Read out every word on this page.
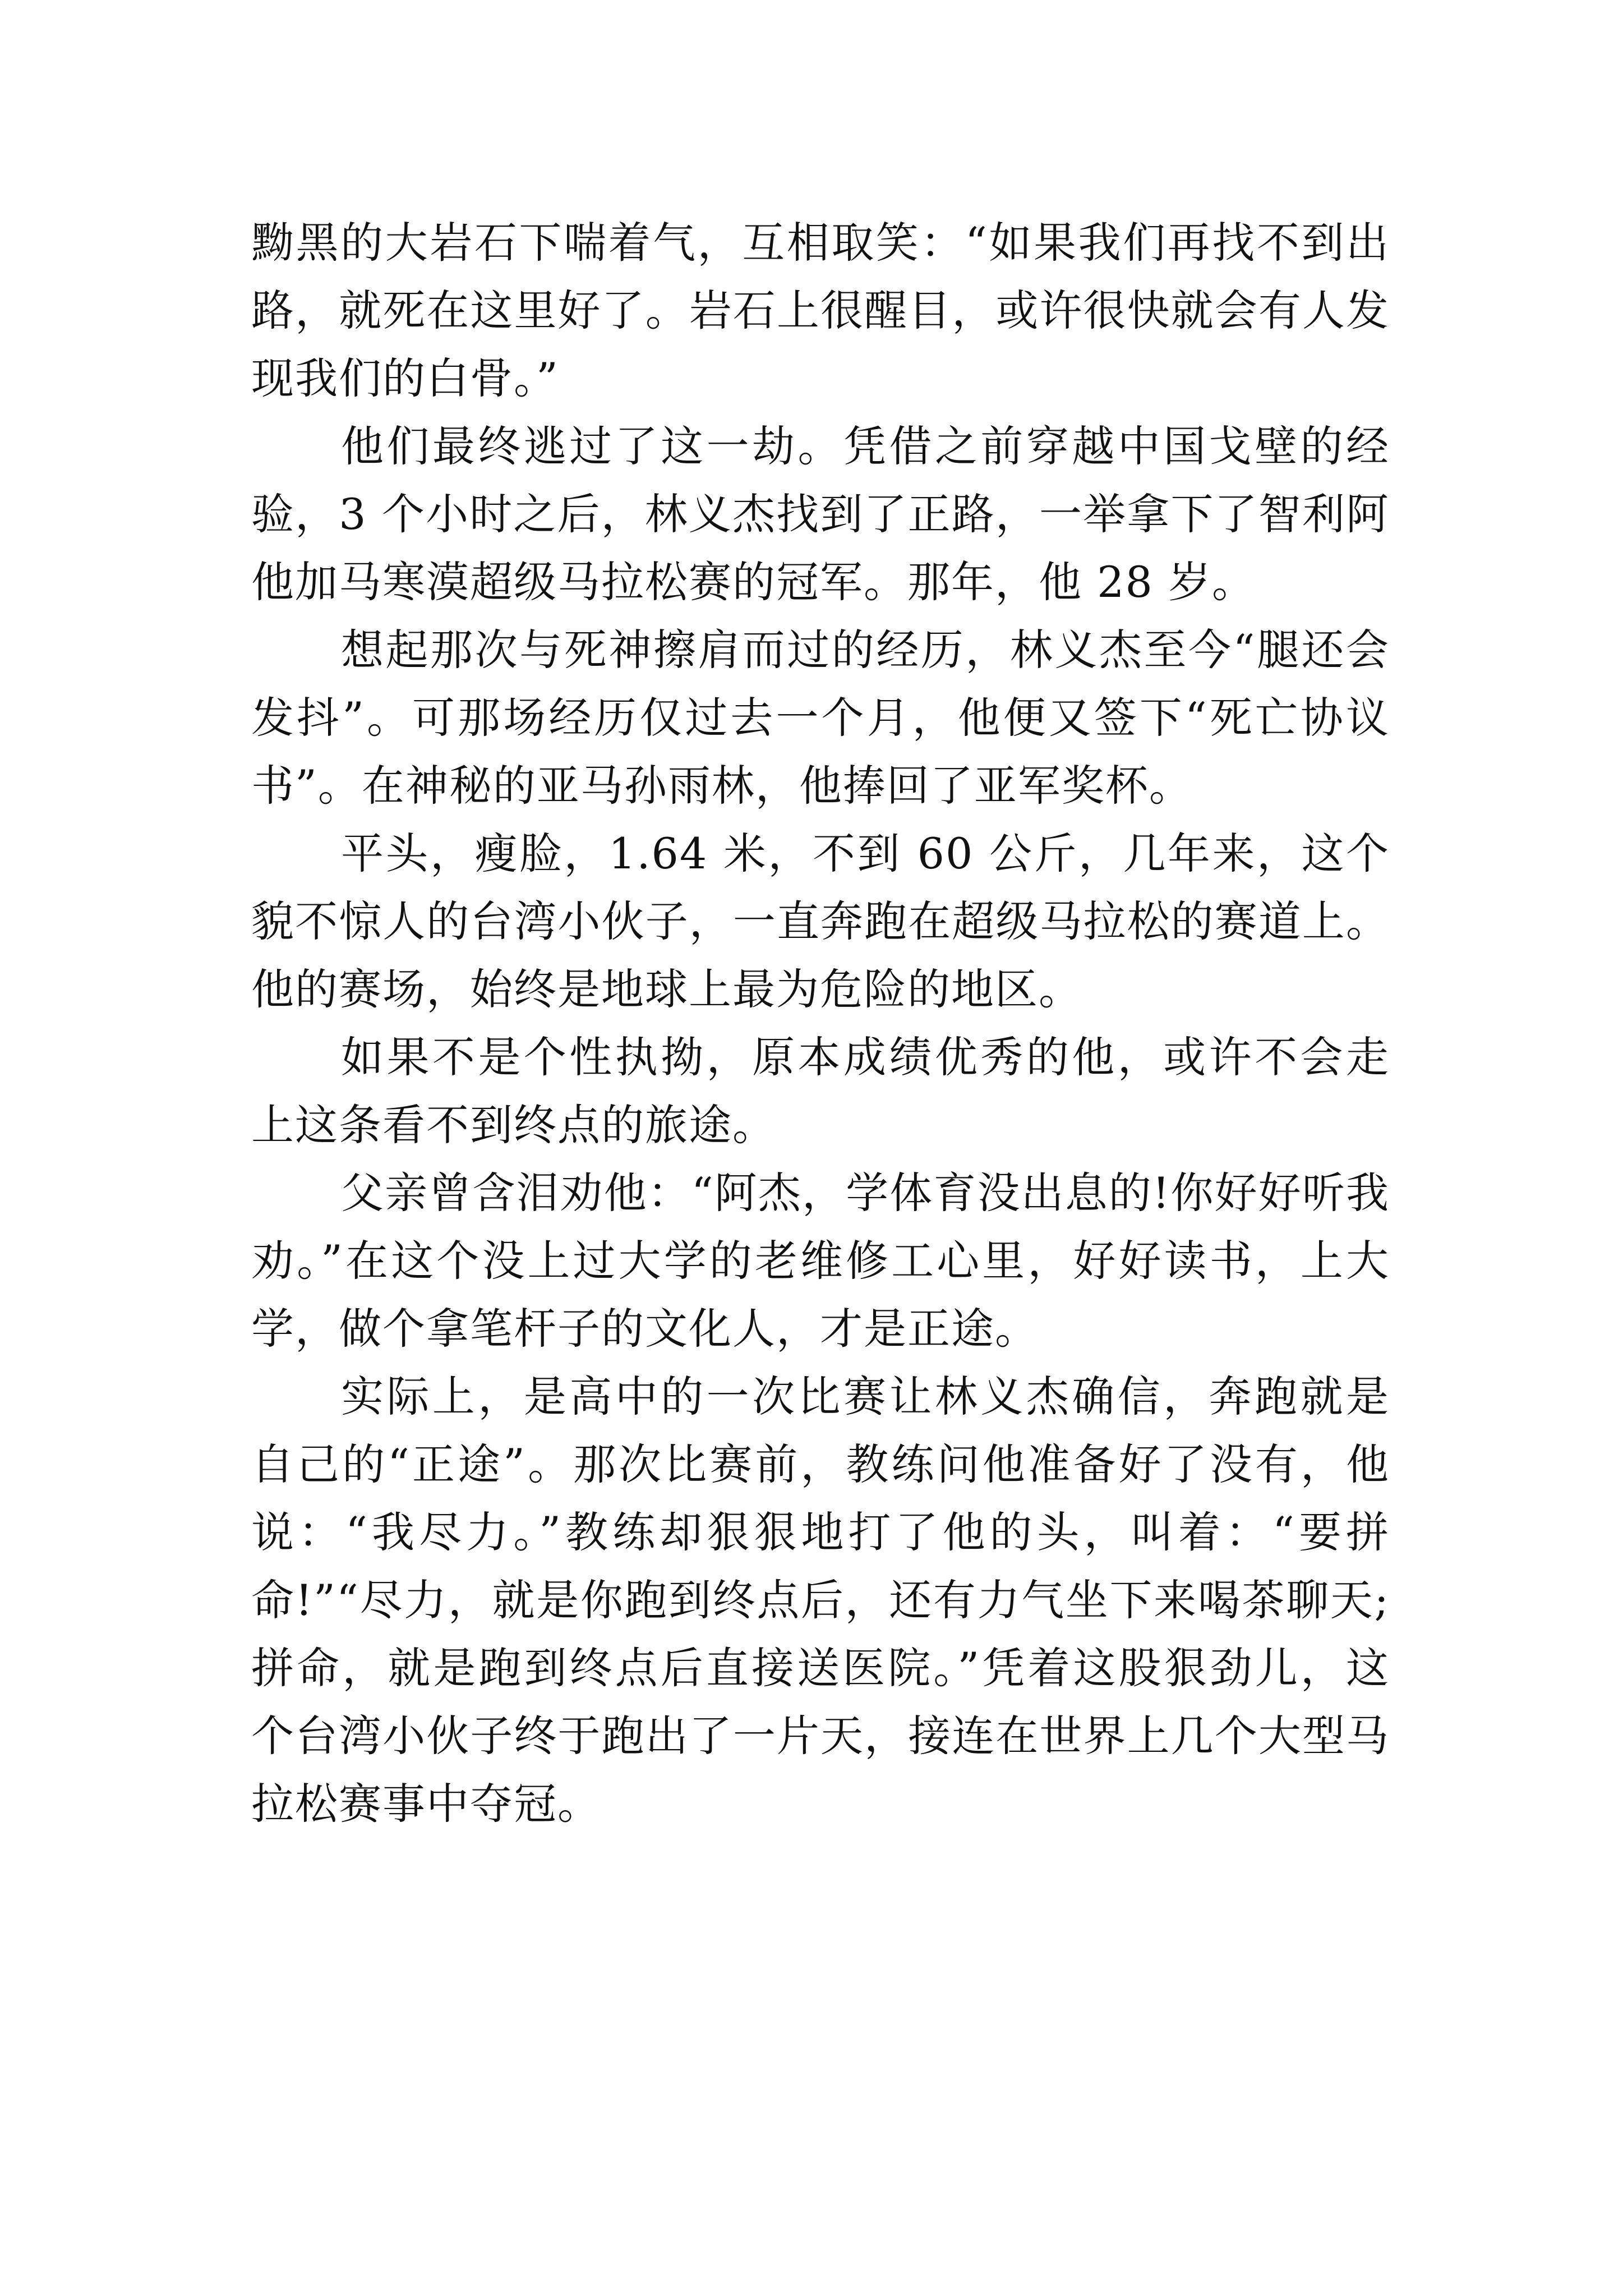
黝黑的大岩石下喘着气，互相取笑：“如果我们再找不到出路，就死在这里好了。岩石上很醒目，或许很快就会有人发现我们的白骨。”

他们最终逃过了这一劫。凭借之前穿越中国戈壁的经验，3 个小时之后，林义杰找到了正路，一举拿下了智利阿他加马寒漠超级马拉松赛的冠军。那年，他 28 岁。

想起那次与死神擦肩而过的经历，林义杰至今“腿还会发抖”。可那场经历仅过去一个月，他便又签下“死亡协议书”。在神秘的亚马孙雨林，他捧回了亚军奖杯。

平头，瘦脸，1.64 米，不到 60 公斤，几年来，这个貌不惊人的台湾小伙子，一直奔跑在超级马拉松的赛道上。他的赛场，始终是地球上最为危险的地区。

如果不是个性执拗，原本成绩优秀的他，或许不会走上这条看不到终点的旅途。

父亲曾含泪劝他：“阿杰，学体育没出息的!你好好听我劝。”在这个没上过大学的老维修工心里，好好读书，上大学，做个拿笔杆子的文化人，才是正途。

实际上，是高中的一次比赛让林义杰确信，奔跑就是自己的“正途”。那次比赛前，教练问他准备好了没有，他说：“我尽力。”教练却狠狠地打了他的头，叫着：“要拼命!”“尽力，就是你跑到终点后，还有力气坐下来喝茶聊天;拼命，就是跑到终点后直接送医院。”凭着这股狠劲儿，这个台湾小伙子终于跑出了一片天，接连在世界上几个大型马拉松赛事中夺冠。
